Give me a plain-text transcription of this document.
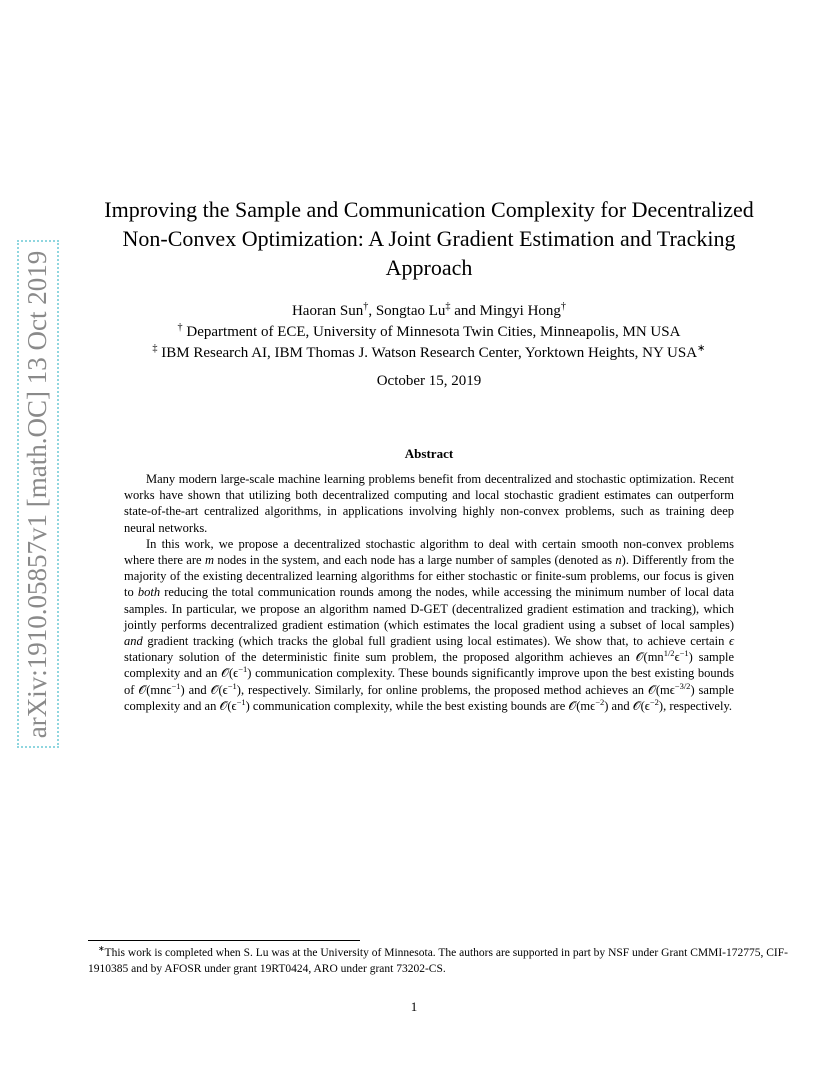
arXiv:1910.05857v1 [math.OC] 13 Oct 2019
Improving the Sample and Communication Complexity for Decentralized
Non-Convex Optimization: A Joint Gradient Estimation and Tracking
Approach
Haoran Sun†, Songtao Lu‡ and Mingyi Hong†
† Department of ECE, University of Minnesota Twin Cities, Minneapolis, MN USA
‡ IBM Research AI, IBM Thomas J. Watson Research Center, Yorktown Heights, NY USA∗
October 15, 2019
Abstract

Many modern large-scale machine learning problems benefit from decentralized and stochastic optimization. Recent works have shown that utilizing both decentralized computing and local stochastic gradient estimates can outperform state-of-the-art centralized algorithms, in applications involving highly non-convex problems, such as training deep neural networks.

In this work, we propose a decentralized stochastic algorithm to deal with certain smooth non-convex problems where there are m nodes in the system, and each node has a large number of samples (denoted as n). Differently from the majority of the existing decentralized learning algorithms for either stochastic or finite-sum problems, our focus is given to both reducing the total communication rounds among the nodes, while accessing the minimum number of local data samples. In particular, we propose an algorithm named D-GET (decentralized gradient estimation and tracking), which jointly performs decentralized gradient estimation (which estimates the local gradient using a subset of local samples) and gradient tracking (which tracks the global full gradient using local estimates). We show that, to achieve certain ϵ stationary solution of the deterministic finite sum problem, the proposed algorithm achieves an $𝒪(mn^{1/2}\epsilon^{-1})$ sample complexity and an $𝒪(\epsilon^{-1})$ communication complexity. These bounds significantly improve upon the best existing bounds of 𝒪(mnϵ$^{-1}$) and $𝒪(\epsilon^{-1})$, respectively. Similarly, for online problems, the proposed method achieves an $𝒪(m\epsilon^{-3/2})$ sample complexity and an $𝒪(\epsilon^{-1})$ communication complexity, while the best existing bounds are $𝒪(m\epsilon^{-2})$ and $𝒪(\epsilon^{-2})$, respectively.

∗This work is completed when S. Lu was at the University of Minnesota. The authors are supported in part by NSF under Grant CMMI-172775, CIF-1910385 and by AFOSR under grant 19RT0424, ARO under grant 73202-CS.
1
